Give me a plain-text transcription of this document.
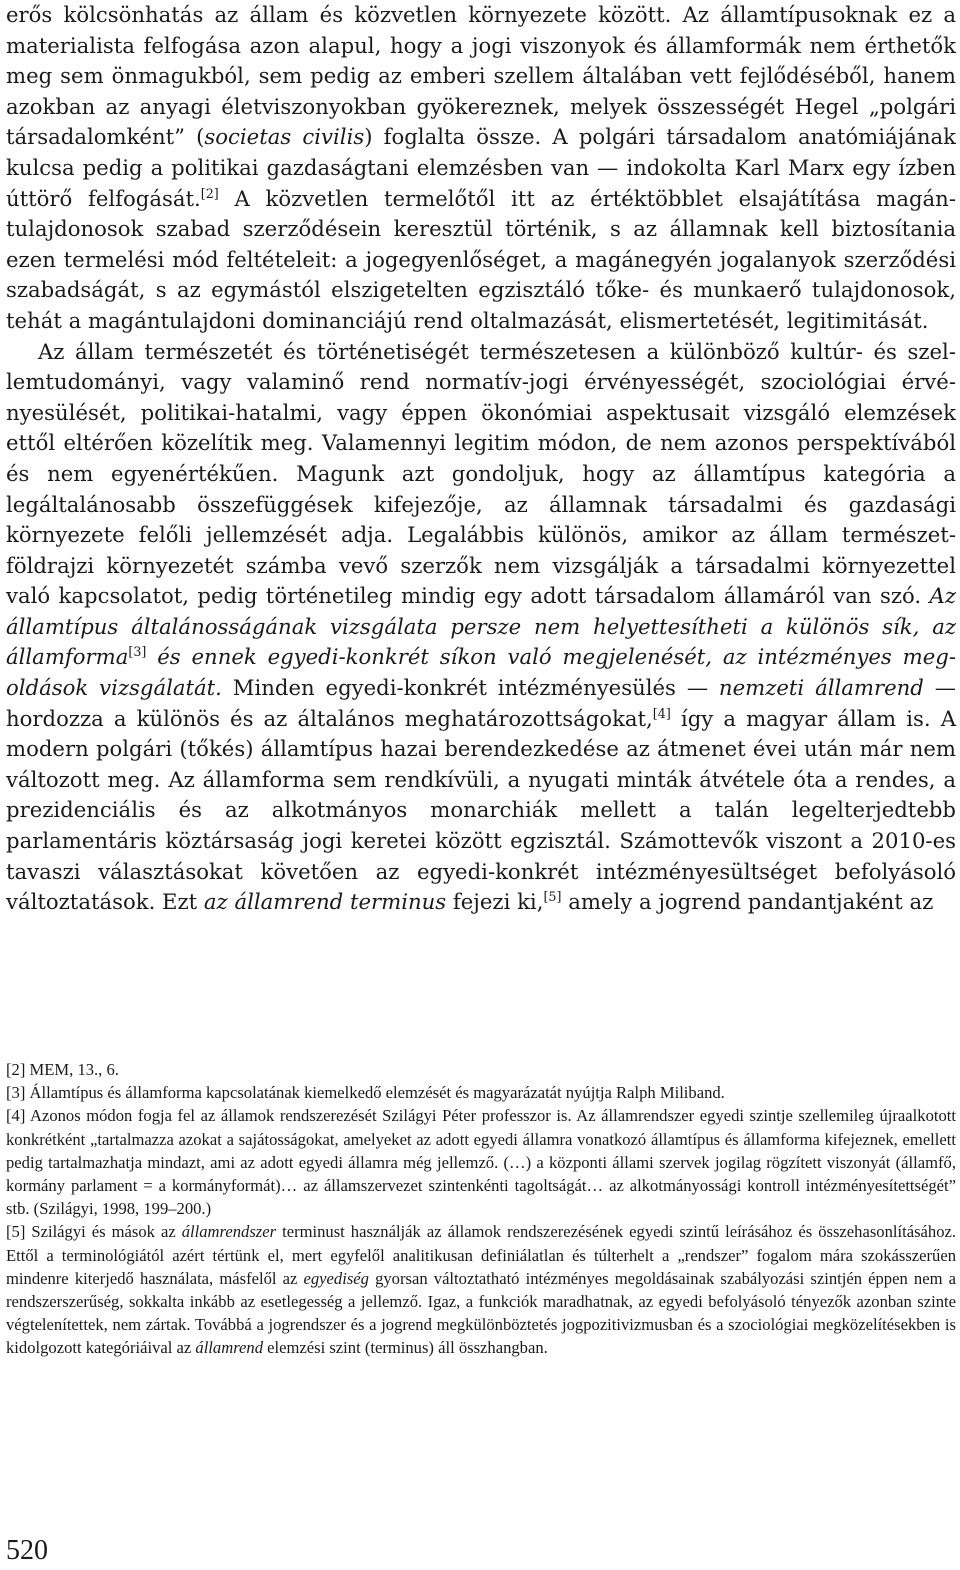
erős kölcsönhatás az állam és közvetlen környezete között. Az államtípusoknak ez a materialista felfogása azon alapul, hogy a jogi viszonyok és államformák nem érthetők meg sem önmagukból, sem pedig az emberi szellem általában vett fejlődéséből, hanem azokban az anyagi életviszonyokban gyökereznek, melyek összességét Hegel „polgári társadalomként” (societas civilis) foglalta össze. A polgári társadalom anatómiájának kulcsa pedig a politikai gazdaságtani elemzésben van — indokolta Karl Marx egy ízben úttörő felfogását.[2] A közvetlen termelőtől itt az értéktöbblet elsajátítása magántulajdonosok szabad szerződésein keresztül történik, s az államnak kell biztosítania ezen termelési mód feltételeit: a jogegyenlőséget, a magánegyén jogalanyok szerződési szabadságát, s az egymástól elszigetelten egzisztáló tőke- és munkaerő tulajdonosok, tehát a magántulajdoni dominanciájú rend oltalmazását, elismertetését, legitimitását.

Az állam természetét és történetiségét természetesen a különböző kultúr- és szellemtudományi, vagy valaminő rend normatív-jogi érvényességét, szociológiai érvényesülését, politikai-hatalmi, vagy éppen ökonómiai aspektusait vizsgáló elemzések ettől eltérően közelítik meg. Valamennyi legitim módon, de nem azonos perspektívából és nem egyenértékűen. Magunk azt gondoljuk, hogy az államtípus kategória a legáltalánosabb összefüggések kifejezője, az államnak társadalmi és gazdasági környezete felőli jellemzését adja. Legalábbis különös, amikor az állam természetföldrajzi környezetét számba vevő szerzők nem vizsgálják a társadalmi környezettel való kapcsolatot, pedig történetileg mindig egy adott társadalom államáról van szó. Az államtípus általánosságának vizsgálata persze nem helyettesítheti a különös sík, az államforma[3] és ennek egyedi-konkrét síkon való megjelenését, az intézményes megoldások vizsgálatát. Minden egyedi-konkrét intézményesülés — nemzeti államrend — hordozza a különös és az általános meghatározottságokat,[4] így a magyar állam is. A modern polgári (tőkés) államtípus hazai berendezkedése az átmenet évei után már nem változott meg. Az államforma sem rendkívüli, a nyugati minták átvétele óta a rendes, a prezidenciális és az alkotmányos monarchiák mellett a talán legelterjedtebb parlamentáris köztársaság jogi keretei között egzisztál. Számottevők viszont a 2010-es tavaszi választásokat követően az egyedi-konkrét intézményesültséget befolyásoló változtatások. Ezt az államrend terminus fejezi ki,[5] amely a jogrend pandantjaként az

[2] MEM, 13., 6.

[3] Államtípus és államforma kapcsolatának kiemelkedő elemzését és magyarázatát nyújtja Ralph Miliband.

[4] Azonos módon fogja fel az államok rendszerezését Szilágyi Péter professzor is. Az államrendszer egyedi szintje szellemileg újraalkotott konkrétként „tartalmazza azokat a sajátosságokat, amelyeket az adott egyedi államra vonatkozó államtípus és államforma kifejeznek, emellett pedig tartalmazhatja mindazt, ami az adott egyedi államra még jellemző. (…) a központi állami szervek jogilag rögzített viszonyát (államfő, kormány parlament = a kormányformát)… az államszervezet szintenkénti tagoltságát… az alkotmányossági kontroll intézményesítettségét” stb. (Szilágyi, 1998, 199–200.)

[5] Szilágyi és mások az államrendszer terminust használják az államok rendszerezésének egyedi szintű leírásához és összehasonlításához. Ettől a terminológiától azért tértünk el, mert egyfelől analitikusan definiálatlan és túlterhelt a „rendszer” fogalom mára szokásszerűen mindenre kiterjedő használata, másfelől az egyediség gyorsan változtatható intézményes megoldásainak szabályozási szintjén éppen nem a rendszerszerűség, sokkalta inkább az esetlegesség a jellemző. Igaz, a funkciók maradhatnak, az egyedi befolyásoló tényezők azonban szinte végtelenítettek, nem zártak. Továbbá a jogrendszer és a jogrend megkülönböztetés jogpozitivizmusban és a szociológiai megközelítésekben is kidolgozott kategóriáival az államrend elemzési szint (terminus) áll összhangban.

520
